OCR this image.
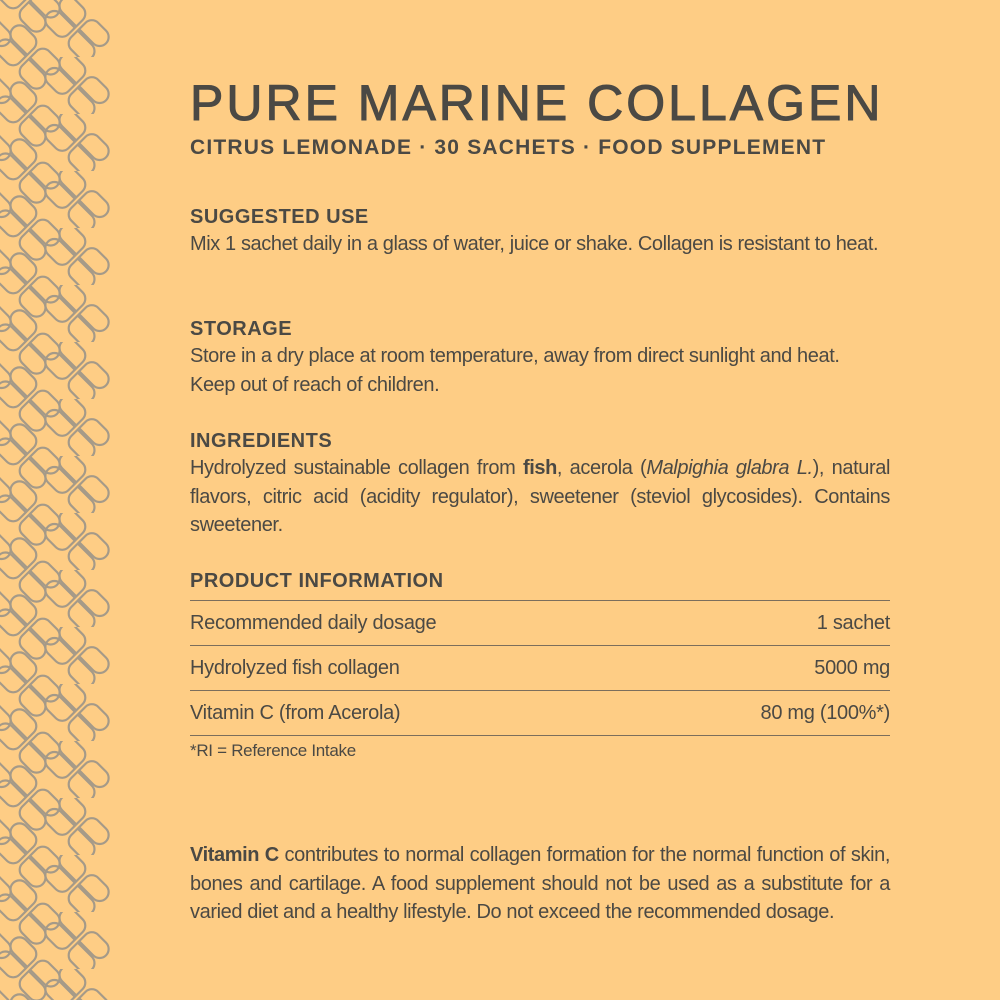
PURE MARINE COLLAGEN
CITRUS LEMONADE · 30 SACHETS · FOOD SUPPLEMENT
SUGGESTED USE
Mix 1 sachet daily in a glass of water, juice or shake. Collagen is resistant to heat.
STORAGE
Store in a dry place at room temperature, away from direct sunlight and heat.
Keep out of reach of children.
INGREDIENTS
Hydrolyzed sustainable collagen from fish, acerola (Malpighia glabra L.), natural flavors, citric acid (acidity regulator), sweetener (steviol glycosides). Contains sweetener.
PRODUCT INFORMATION
Recommended daily dosage	1 sachet
Hydrolyzed fish collagen	5000 mg
Vitamin C (from Acerola)	80 mg (100%*)
*RI = Reference Intake
Vitamin C contributes to normal collagen formation for the normal function of skin, bones and cartilage. A food supplement should not be used as a substitute for a varied diet and a healthy lifestyle. Do not exceed the recommended dosage.
